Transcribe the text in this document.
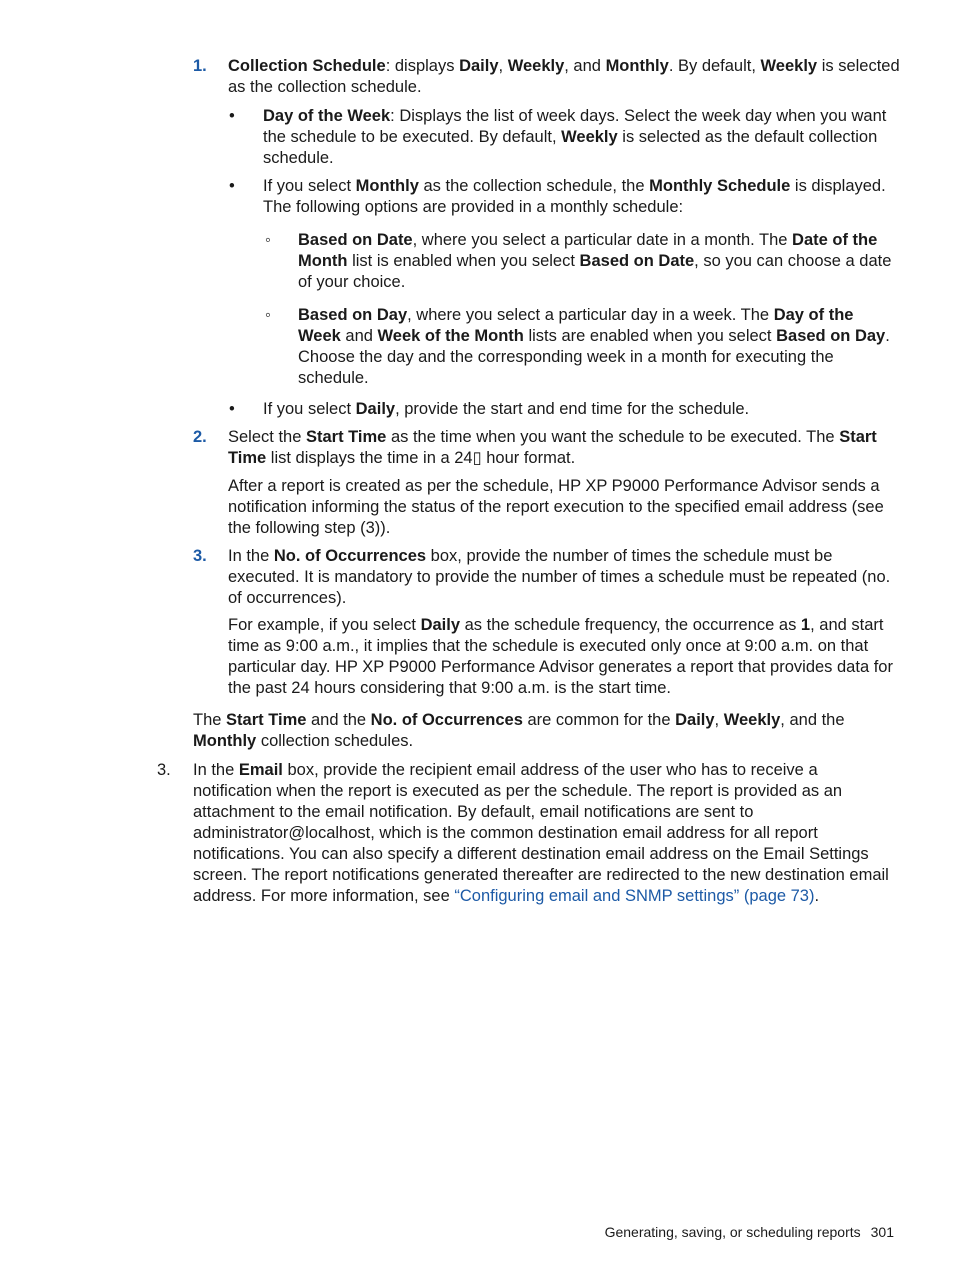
1. Collection Schedule: displays Daily, Weekly, and Monthly. By default, Weekly is selected as the collection schedule.

• Day of the Week: Displays the list of week days. Select the week day when you want the schedule to be executed. By default, Weekly is selected as the default collection schedule.

• If you select Monthly as the collection schedule, the Monthly Schedule is displayed. The following options are provided in a monthly schedule:

◦ Based on Date, where you select a particular date in a month. The Date of the Month list is enabled when you select Based on Date, so you can choose a date of your choice.

◦ Based on Day, where you select a particular day in a week. The Day of the Week and Week of the Month lists are enabled when you select Based on Day. Choose the day and the corresponding week in a month for executing the schedule.

• If you select Daily, provide the start and end time for the schedule.

2. Select the Start Time as the time when you want the schedule to be executed. The Start Time list displays the time in a 24▯ hour format.

After a report is created as per the schedule, HP XP P9000 Performance Advisor sends a notification informing the status of the report execution to the specified email address (see the following step (3)).

3. In the No. of Occurrences box, provide the number of times the schedule must be executed. It is mandatory to provide the number of times a schedule must be repeated (no. of occurrences).

For example, if you select Daily as the schedule frequency, the occurrence as 1, and start time as 9:00 a.m., it implies that the schedule is executed only once at 9:00 a.m. on that particular day. HP XP P9000 Performance Advisor generates a report that provides data for the past 24 hours considering that 9:00 a.m. is the start time.

The Start Time and the No. of Occurrences are common for the Daily, Weekly, and the Monthly collection schedules.

3. In the Email box, provide the recipient email address of the user who has to receive a notification when the report is executed as per the schedule. The report is provided as an attachment to the email notification. By default, email notifications are sent to administrator@localhost, which is the common destination email address for all report notifications. You can also specify a different destination email address on the Email Settings screen. The report notifications generated thereafter are redirected to the new destination email address. For more information, see “Configuring email and SNMP settings” (page 73).

Generating, saving, or scheduling reports 301
